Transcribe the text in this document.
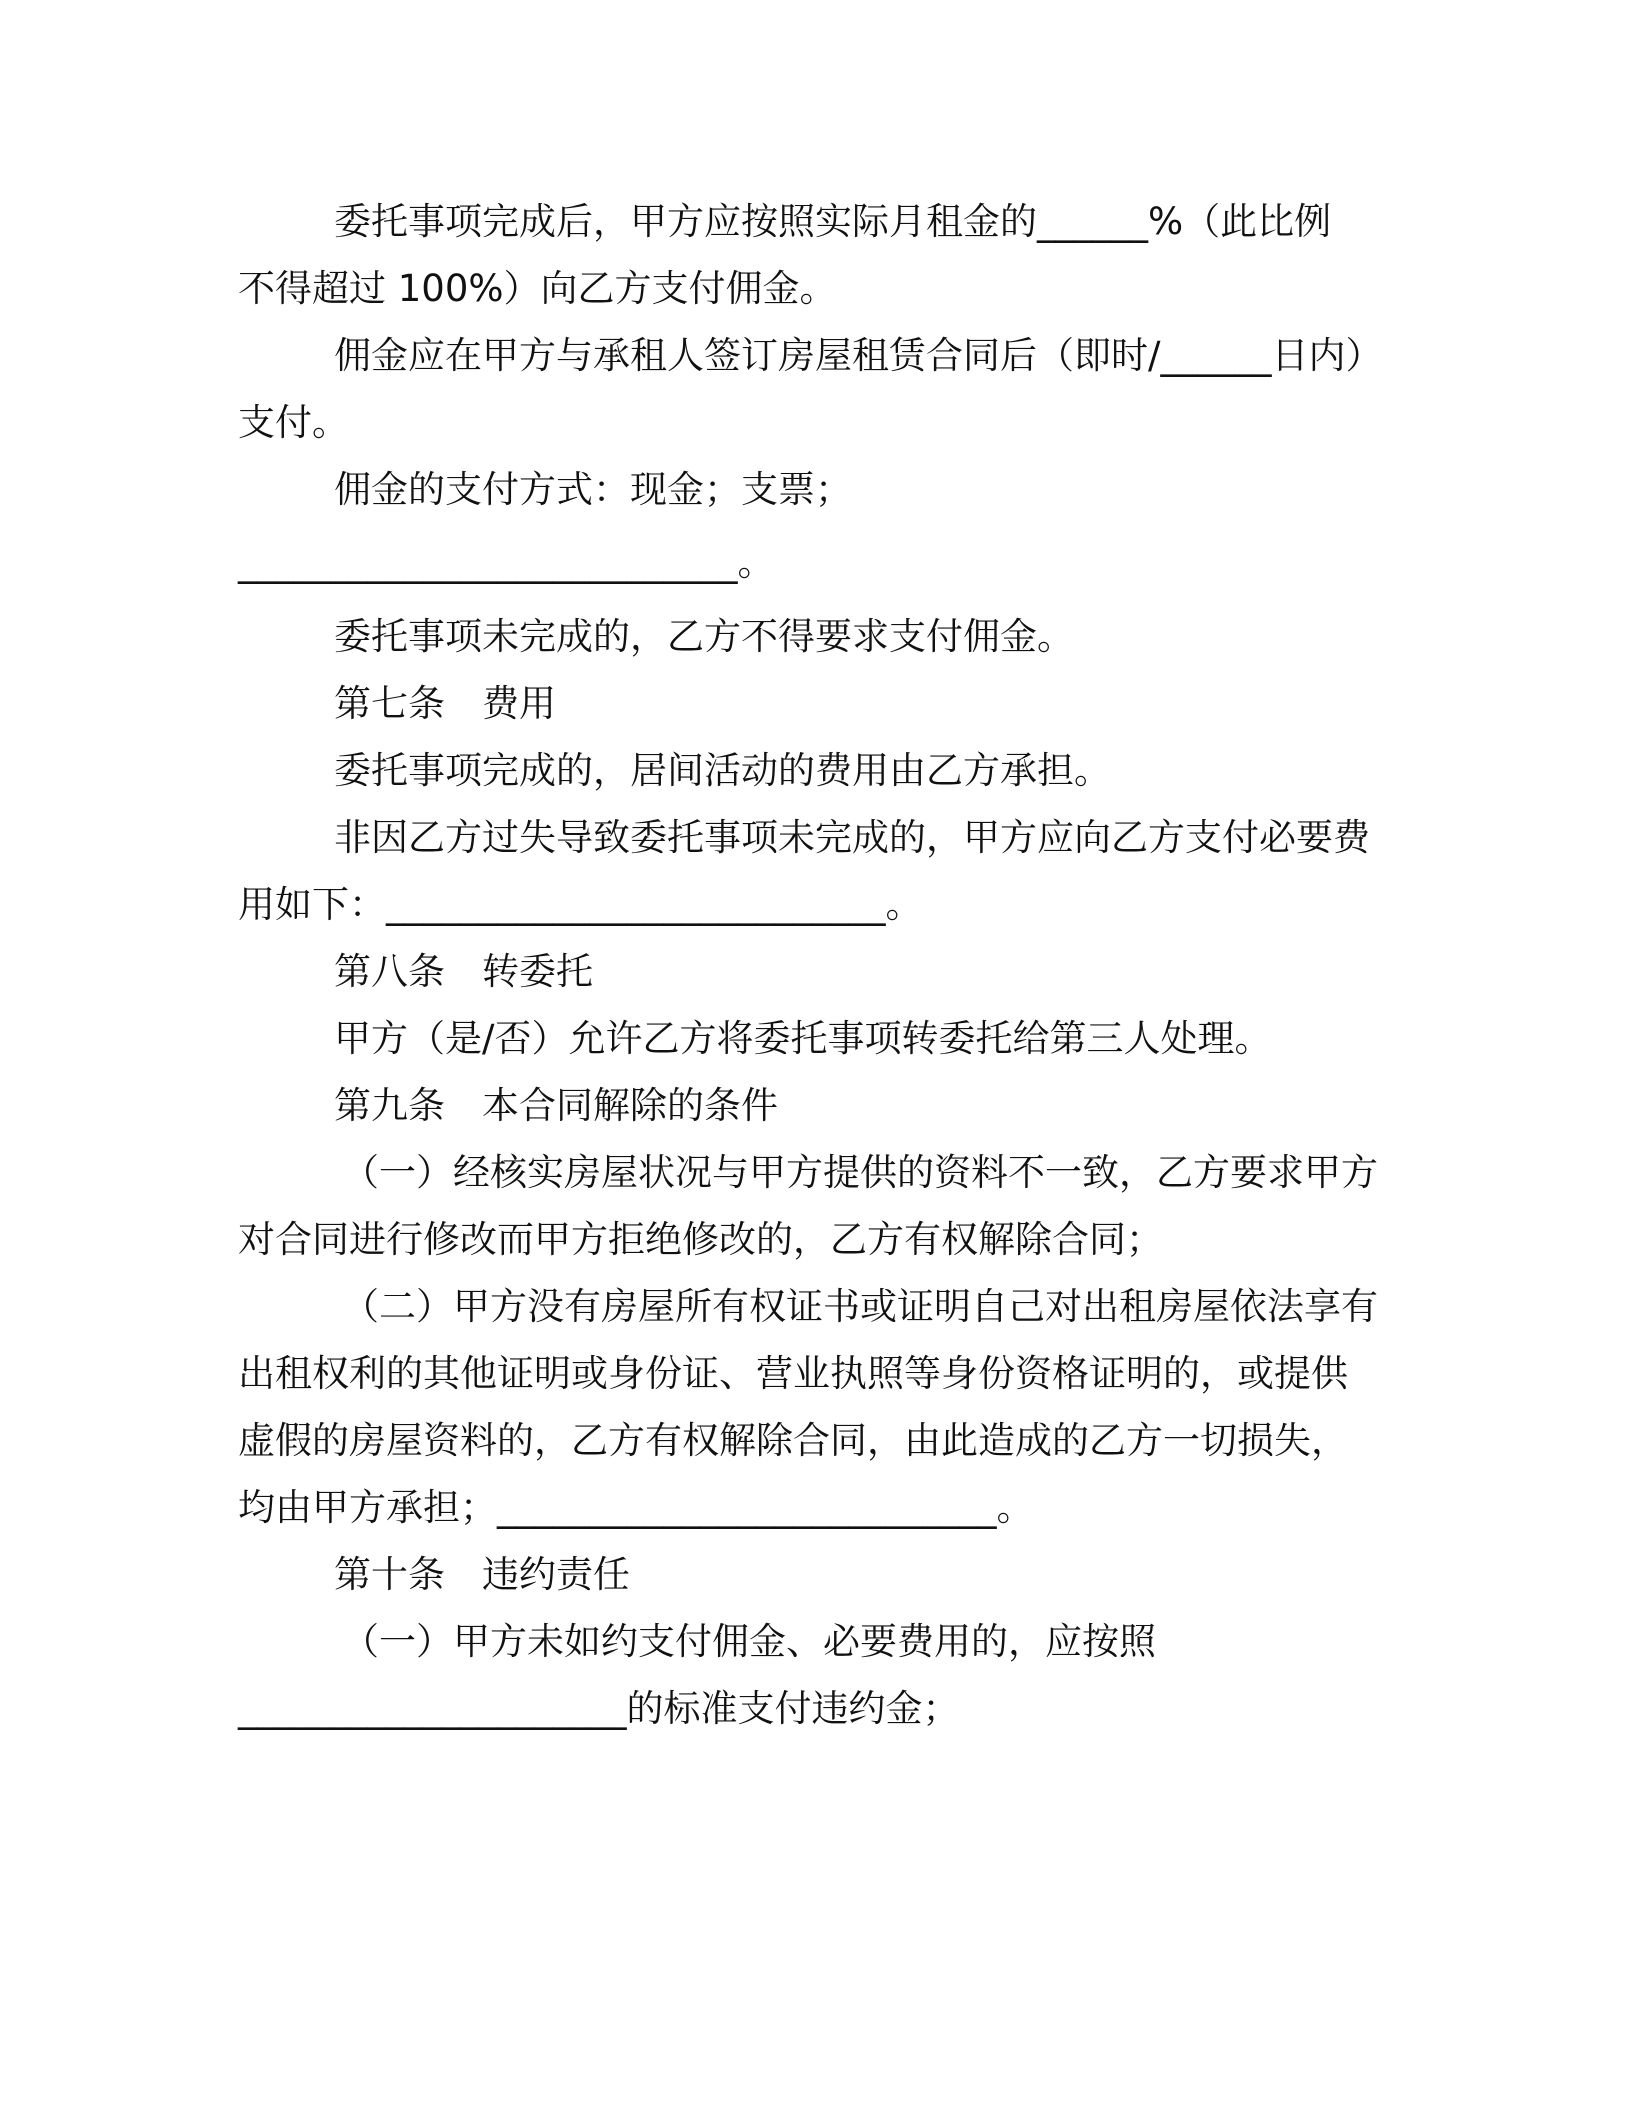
委托事项完成后，甲方应按照实际月租金的______%（此比例
不得超过 100%）向乙方支付佣金。
佣金应在甲方与承租人签订房屋租赁合同后（即时/______日内）
支付。
佣金的支付方式：现金；支票；
___________________________。
委托事项未完成的，乙方不得要求支付佣金。
第七条　费用
委托事项完成的，居间活动的费用由乙方承担。
非因乙方过失导致委托事项未完成的，甲方应向乙方支付必要费
用如下：___________________________。
第八条　转委托
甲方（是/否）允许乙方将委托事项转委托给第三人处理。
第九条　本合同解除的条件
（一）经核实房屋状况与甲方提供的资料不一致，乙方要求甲方
对合同进行修改而甲方拒绝修改的，乙方有权解除合同；
（二）甲方没有房屋所有权证书或证明自己对出租房屋依法享有
出租权利的其他证明或身份证、营业执照等身份资格证明的，或提供
虚假的房屋资料的，乙方有权解除合同，由此造成的乙方一切损失，
均由甲方承担；___________________________。
第十条　违约责任
（一）甲方未如约支付佣金、必要费用的，应按照
_____________________的标准支付违约金；
